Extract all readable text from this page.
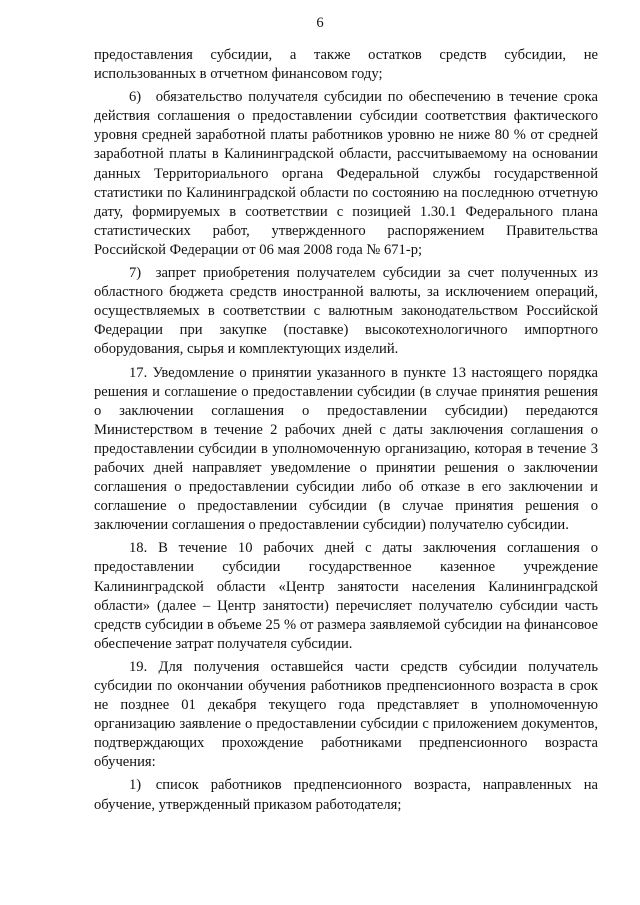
6

предоставления субсидии, а также остатков средств субсидии, не использованных в отчетном финансовом году;

6) обязательство получателя субсидии по обеспечению в течение срока действия соглашения о предоставлении субсидии соответствия фактического уровня средней заработной платы работников уровню не ниже 80 % от средней заработной платы в Калининградской области, рассчитываемому на основании данных Территориального органа Федеральной службы государственной статистики по Калининградской области по состоянию на последнюю отчетную дату, формируемых в соответствии с позицией 1.30.1 Федерального плана статистических работ, утвержденного распоряжением Правительства Российской Федерации от 06 мая 2008 года № 671-р;

7) запрет приобретения получателем субсидии за счет полученных из областного бюджета средств иностранной валюты, за исключением операций, осуществляемых в соответствии с валютным законодательством Российской Федерации при закупке (поставке) высокотехнологичного импортного оборудования, сырья и комплектующих изделий.

17. Уведомление о принятии указанного в пункте 13 настоящего порядка решения и соглашение о предоставлении субсидии (в случае принятия решения о заключении соглашения о предоставлении субсидии) передаются Министерством в течение 2 рабочих дней с даты заключения соглашения о предоставлении субсидии в уполномоченную организацию, которая в течение 3 рабочих дней направляет уведомление о принятии решения о заключении соглашения о предоставлении субсидии либо об отказе в его заключении и соглашение о предоставлении субсидии (в случае принятия решения о заключении соглашения о предоставлении субсидии) получателю субсидии.

18. В течение 10 рабочих дней с даты заключения соглашения о предоставлении субсидии государственное казенное учреждение Калининградской области «Центр занятости населения Калининградской области» (далее – Центр занятости) перечисляет получателю субсидии часть средств субсидии в объеме 25 % от размера заявляемой субсидии на финансовое обеспечение затрат получателя субсидии.

19. Для получения оставшейся части средств субсидии получатель субсидии по окончании обучения работников предпенсионного возраста в срок не позднее 01 декабря текущего года представляет в уполномоченную организацию заявление о предоставлении субсидии с приложением документов, подтверждающих прохождение работниками предпенсионного возраста обучения:

1) список работников предпенсионного возраста, направленных на обучение, утвержденный приказом работодателя;
